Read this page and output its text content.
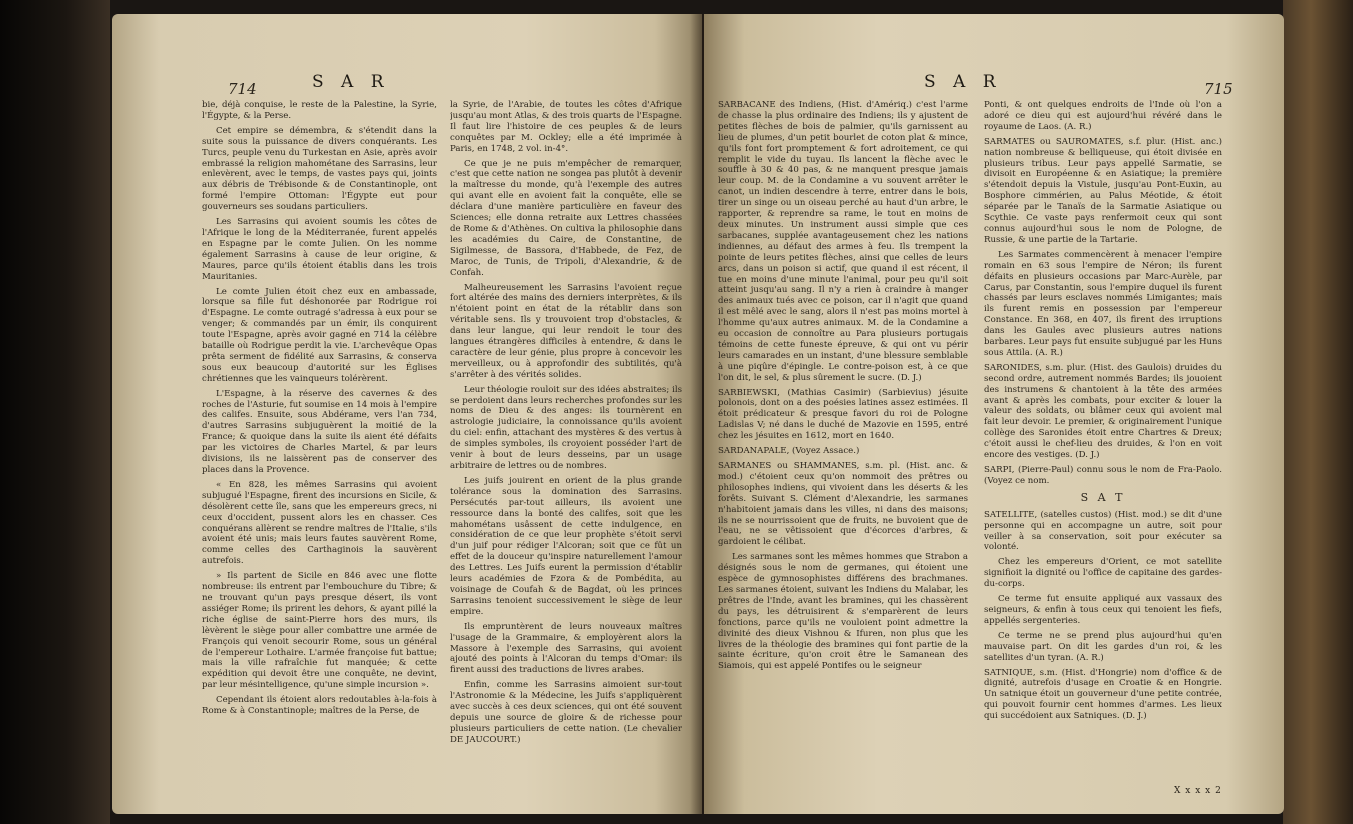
714	S A R

bie, déjà conquise, le reste de la Palestine, la Syrie, l'Égypte, & la Perse.

Cet empire se démembra, & s'étendit dans la suite sous la puissance de divers conquérants. Les Turcs, peuple venu du Turkestan en Asie, après avoir embrassé la religion mahométane des Sarrasins, leur enlevèrent, avec le temps, de vastes pays qui, joints aux débris de Trébisonde & de Constantinople, ont formé l'empire Ottoman: l'Égypte eut pour gouverneurs ses soudans particuliers.

Les Sarrasins qui avoient soumis les côtes de l'Afrique le long de la Méditerranée, furent appelés en Espagne par le comte Julien. On les nomme également Sarrasins à cause de leur origine, & Maures, parce qu'ils étoient établis dans les trois Mauritanies.

Le comte Julien étoit chez eux en ambassade, lorsque sa fille fut déshonorée par Rodrigue roi d'Espagne. Le comte outragé s'adressa à eux pour se venger; & commandés par un émir, ils conquirent toute l'Espagne, après avoir gagné en 714 la célèbre bataille où Rodrigue perdit la vie. L'archevêque Opas prêta serment de fidélité aux Sarrasins, & conserva sous eux beaucoup d'autorité sur les Églises chrétiennes que les vainqueurs tolérèrent.

L'Espagne, à la réserve des cavernes & des roches de l'Asturie, fut soumise en 14 mois à l'empire des califes. Ensuite, sous Abdérame, vers l'an 734, d'autres Sarrasins subjuguèrent la moitié de la France; & quoique dans la suite ils aient été défaits par les victoires de Charles Martel, & par leurs divisions, ils ne laissèrent pas de conserver des places dans la Provence.

« En 828, les mêmes Sarrasins qui avoient subjugué l'Espagne, firent des incursions en Sicile, & désolèrent cette île, sans que les empereurs grecs, ni ceux d'occident, pussent alors les en chasser. Ces conquérans allèrent se rendre maîtres de l'Italie, s'ils avoient été unis; mais leurs fautes sauvèrent Rome, comme celles des Carthaginois la sauvèrent autrefois.

» Ils partent de Sicile en 846 avec une flotte nombreuse: ils entrent par l'embouchure du Tibre; & ne trouvant qu'un pays presque désert, ils vont assiéger Rome; ils prirent les dehors, & ayant pillé la riche église de saint-Pierre hors des murs, ils lèvèrent le siège pour aller combattre une armée de François qui venoit secourir Rome, sous un général de l'empereur Lothaire. L'armée françoise fut battue; mais la ville rafraîchie fut manquée; & cette expédition qui devoit être une conquête, ne devint, par leur mésintelligence, qu'une simple incursion ».

Cependant ils étoient alors redoutables à-la-fois à Rome & à Constantinople; maîtres de la Perse, de

la Syrie, de l'Arabie, de toutes les côtes d'Afrique jusqu'au mont Atlas, & des trois quarts de l'Espagne. Il faut lire l'histoire de ces peuples & de leurs conquêtes par M. Ockley; elle a été imprimée à Paris, en 1748, 2 vol. in-4°.

Ce que je ne puis m'empêcher de remarquer, c'est que cette nation ne songea pas plutôt à devenir la maîtresse du monde, qu'à l'exemple des autres qui avant elle en avoient fait la conquête, elle se déclara d'une manière particulière en faveur des Sciences; elle donna retraite aux Lettres chassées de Rome & d'Athènes. On cultiva la philosophie dans les académies du Caire, de Constantine, de Sigilmesse, de Bassora, d'Habbede, de Fez, de Maroc, de Tunis, de Tripoli, d'Alexandrie, & de Confah.

Malheureusement les Sarrasins l'avoient reçue fort altérée des mains des derniers interprètes, & ils n'étoient point en état de la rétablir dans son véritable sens. Ils y trouvoient trop d'obstacles, & dans leur langue, qui leur rendoit le tour des langues étrangères difficiles à entendre, & dans le caractère de leur génie, plus propre à concevoir les merveilleux, ou à approfondir des subtilités, qu'à s'arrêter à des vérités solides.

Leur théologie rouloit sur des idées abstraites; ils se perdoient dans leurs recherches profondes sur les noms de Dieu & des anges: ils tournèrent en astrologie judiciaire, la connoissance qu'ils avoient du ciel: enfin, attachant des mystères & des vertus à de simples symboles, ils croyoient posséder l'art de venir à bout de leurs desseins, par un usage arbitraire de lettres ou de nombres.

Les juifs jouirent en orient de la plus grande tolérance sous la domination des Sarrasins. Persécutés par-tout ailleurs, ils avoient une ressource dans la bonté des califes, soit que les mahométans usâssent de cette indulgence, en considération de ce que leur prophète s'étoit servi d'un juif pour rédiger l'Alcoran; soit que ce fût un effet de la douceur qu'inspire naturellement l'amour des Lettres. Les Juifs eurent la permission d'établir leurs académies de Fzora & de Pombédita, au voisinage de Coufah & de Bagdat, où les princes Sarrasins tenoient successivement le siège de leur empire.

Ils empruntèrent de leurs nouveaux maîtres l'usage de la Grammaire, & employèrent alors la Massore à l'exemple des Sarrasins, qui avoient ajouté des points à l'Alcoran du temps d'Omar: ils firent aussi des traductions de livres arabes.

Enfin, comme les Sarrasins aimoient sur-tout l'Astronomie & la Médecine, les Juifs s'appliquèrent avec succès à ces deux sciences, qui ont été souvent depuis une source de gloire & de richesse pour plusieurs particuliers de cette nation. (Le chevalier DE JAUCOURT.)

S A R	715

SARBACANE des Indiens, (Hist. d'Amériq.) c'est l'arme de chasse la plus ordinaire des Indiens; ils y ajustent de petites flèches de bois de palmier, qu'ils garnissent au lieu de plumes, d'un petit bourlet de coton plat & mince, qu'ils font fort promptement & fort adroitement, ce qui remplit le vide du tuyau. Ils lancent la flèche avec le souffle à 30 & 40 pas, & ne manquent presque jamais leur coup. M. de la Condamine a vu souvent arrêter le canot, un indien descendre à terre, entrer dans le bois, tirer un singe ou un oiseau perché au haut d'un arbre, le rapporter, & reprendre sa rame, le tout en moins de deux minutes. Un instrument aussi simple que ces sarbacanes, supplée avantageusement chez les nations indiennes, au défaut des armes à feu. Ils trempent la pointe de leurs petites flèches, ainsi que celles de leurs arcs, dans un poison si actif, que quand il est récent, il tue en moins d'une minute l'animal, pour peu qu'il soit atteint jusqu'au sang. Il n'y a rien à craindre à manger des animaux tués avec ce poison, car il n'agit que quand il est mêlé avec le sang, alors il n'est pas moins mortel à l'homme qu'aux autres animaux. M. de la Condamine a eu occasion de connoître au Para plusieurs portugais témoins de cette funeste épreuve, & qui ont vu périr leurs camarades en un instant, d'une blessure semblable à une piqûre d'épingle. Le contre-poison est, à ce que l'on dit, le sel, & plus sûrement le sucre. (D. J.)

SARBIEWSKI, (Mathias Casimir) (Sarbievius) jésuite polonois, dont on a des poésies latines assez estimées. Il étoit prédicateur & presque favori du roi de Pologne Ladislas V; né dans le duché de Mazovie en 1595, entré chez les jésuites en 1612, mort en 1640.

SARDANAPALE, (Voyez Assace.)

SARMANES ou SHAMMANES, s.m. pl. (Hist. anc. & mod.) c'étoient ceux qu'on nommoit des prêtres ou philosophes indiens, qui vivoient dans les déserts & les forêts. Suivant S. Clément d'Alexandrie, les sarmanes n'habitoient jamais dans les villes, ni dans des maisons; ils ne se nourrissoient que de fruits, ne buvoient que de l'eau, ne se vêtissoient que d'écorces d'arbres, & gardoient le célibat.

Les sarmanes sont les mêmes hommes que Strabon a désignés sous le nom de germanes, qui étoient une espèce de gymnosophistes différens des brachmanes. Les sarmanes étoient, suivant les Indiens du Malabar, les prêtres de l'Inde, avant les bramines, qui les chassèrent du pays, les détruisirent & s'emparèrent de leurs fonctions, parce qu'ils ne vouloient point admettre la divinité des dieux Vishnou & Ifuren, non plus que les livres de la théologie des bramines qui font partie de la sainte écriture, qu'on croit être le Samanean des Siamois, qui est appelé Pontifes ou le seigneur

Ponti, & ont quelques endroits de l'Inde où l'on a adoré ce dieu qui est aujourd'hui révéré dans le royaume de Laos. (A. R.)

SARMATES ou SAUROMATES, s.f. plur. (Hist. anc.) nation nombreuse & belliqueuse, qui étoit divisée en plusieurs tribus. Leur pays appellé Sarmatie, se divisoit en Européenne & en Asiatique; la première s'étendoit depuis la Vistule, jusqu'au Pont-Euxin, au Bosphore cimmérien, au Palus Méotide, & étoit séparée par le Tanaïs de la Sarmatie Asiatique ou Scythie. Ce vaste pays renfermoit ceux qui sont connus aujourd'hui sous le nom de Pologne, de Russie, & une partie de la Tartarie.

Les Sarmates commencèrent à menacer l'empire romain en 63 sous l'empire de Néron; ils furent défaits en plusieurs occasions par Marc-Aurèle, par Carus, par Constantin, sous l'empire duquel ils furent chassés par leurs esclaves nommés Limigantes; mais ils furent remis en possession par l'empereur Constance. En 368, en 407, ils firent des irruptions dans les Gaules avec plusieurs autres nations barbares. Leur pays fut ensuite subjugué par les Huns sous Attila. (A. R.)

SARONIDES, s.m. plur. (Hist. des Gaulois) druides du second ordre, autrement nommés Bardes; ils jouoient des instrumens & chantoient à la tête des armées avant & après les combats, pour exciter & louer la valeur des soldats, ou blâmer ceux qui avoient mal fait leur devoir. Le premier, & originairement l'unique collège des Saronides étoit entre Chartres & Dreux; c'étoit aussi le chef-lieu des druides, & l'on en voit encore des vestiges. (D. J.)

SARPI, (Pierre-Paul) connu sous le nom de Fra-Paolo. (Voyez ce nom.

S A T

SATELLITE, (satelles custos) (Hist. mod.) se dit d'une personne qui en accompagne un autre, soit pour veiller à sa conservation, soit pour exécuter sa volonté.

Chez les empereurs d'Orient, ce mot satellite signifioit la dignité ou l'office de capitaine des gardes-du-corps.

Ce terme fut ensuite appliqué aux vassaux des seigneurs, & enfin à tous ceux qui tenoient les fiefs, appellés sergenteries.

Ce terme ne se prend plus aujourd'hui qu'en mauvaise part. On dit les gardes d'un roi, & les satellites d'un tyran. (A. R.)

SATNIQUE, s.m. (Hist. d'Hongrie) nom d'office & de dignité, autrefois d'usage en Croatie & en Hongrie. Un satnique étoit un gouverneur d'une petite contrée, qui pouvoit fournir cent hommes d'armes. Les lieux qui succédoient aux Satniques. (D. J.)

X x x x 2
